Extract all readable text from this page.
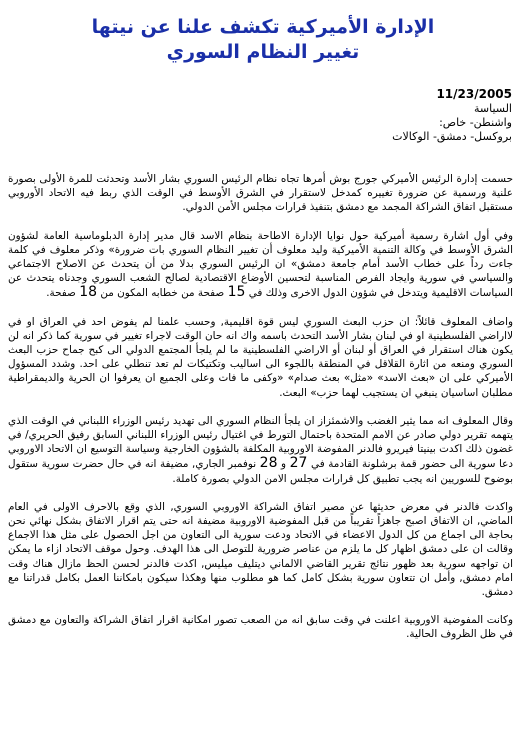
الإدارة الأميركية تكشف علنا عن نيتها
تغيير النظام السوري
11/23/2005
السياسة
واشنطن- خاص:
بروكسل- دمشق- الوكالات

حسمت إدارة الرئيس الأميركي جورج بوش أمرها تجاه نظام الرئيس السوري بشار الأسد وتحدثت للمرة الأولى بصورة علنية ورسمية عن ضرورة تغييره كمدخل لاستقرار في الشرق الأوسط في الوقت الذي ربط فيه الاتحاد الأوروبي مستقبل اتفاق الشراكة المجمد مع دمشق بتنفيذ قرارات مجلس الأمن الدولي.

وفي أول اشارة رسمية أميركية حول نوايا الإدارة الاطاحة بنظام الاسد قال مدير إدارة الدبلوماسية العامة لشؤون الشرق الأوسط في وكالة التنمية الأميركية وليد معلوف أن تغيير النظام السوري بات ضرورة» وذكر معلوف في كلمة جاءت رداً على خطاب الأسد أمام جامعة دمشق» ان الرئيس السوري بدلا من أن يتحدث عن الاصلاح الاجتماعي والسياسي في سورية وايجاد الفرص المناسبة لتحسين الأوضاع الاقتصادية لصالح الشعب السوري وجدناه يتحدث عن السياسات الاقليمية ويتدخل في شؤون الدول الاخرى وذلك في 15 صفحة من خطابه المكون من 18 صفحة.

واضاف المعلوف قائلاً: ان حزب البعث السوري ليس قوة اقليمية, وحسب علمنا لم يفوض احد في العراق او في لااراضي الفلسطينية او في لبنان بشار الأسد التحدث باسمه واك انه حان الوقت لاجراء تغيير في سورية كما ذكر انه لن يكون هناك استقرار في العراق أو لبنان أو الاراضي الفلسطينية ما لم يلجأ المجتمع الدولي الى كبح جماح حزب البعث السوري ومنعه من اثارة القلاقل في المنطقة باللجوء الى اساليب وتكتيكات لم تعد تنطلي على احد. وشدد المسؤول الأميركي على ان «بعث الاسد» «مثل» بعث صدام» «وكفى ما فات وعلى الجميع ان يعرفوا ان الحرية والديمقراطية مطلبان اساسيان ينبغي ان يستجيب لهما حزب» البعث.

وقال المعلوف انه مما يثير الغضب والاشمئزاز ان يلجأ النظام السوري الى تهديد رئيس الوزراء اللبناني في الوقت الذي يتهمه تقرير دولي صادر عن الامم المتحدة باحتمال التورط في اغتيال رئيس الوزراء اللبناني السابق رفيق الحريري/ في غضون ذلك اكدت بينيتا فيريرو فالدنر المفوضة الاوروبية المكلفة بالشؤون الخارجية وسياسة التوسيع ان الاتحاد الاوروبي دعا سورية الى حضور قمة برشلونة القادمة في 27 و 28 نوفمبر الجاري, مضيفة انه في حال حضرت سورية ستقول بوضوح للسوريين انه يجب تطبيق كل قرارات مجلس الامن الدولي بصورة كاملة.

واكدت فالدنر في معرض حديثها عن مصير اتفاق الشراكة الاوروبي السوري, الذي وقع بالاحرف الاولى في العام الماضي, ان الاتفاق اصبح جاهزاً تقريباً من قبل المفوضية الاوروبية مضيفة انه حتى يتم اقرار الاتفاق بشكل نهائي نحن بحاجة الى اجماع من كل الدول الاعضاء في الاتحاد ودعت سورية الى التعاون من اجل الحصول على مثل هذا الاجماع وقالت ان على دمشق اظهار كل ما يلزم من عناصر ضرورية للتوصل الى هذا الهدف. وحول موقف الاتحاد ازاء ما يمكن ان تواجهه سورية بعد ظهور نتائج تقرير القاضي الالماني ديتليف ميليس, اكدت فالدنر لحسن الحظ مازال هناك وقت امام دمشق, وأمل ان تتعاون سورية بشكل كامل كما هو مطلوب منها وهكذا سيكون بامكاننا العمل بكامل قدراتنا مع دمشق.

وكانت المفوضية الاوروبية اعلنت في وقت سابق انه من الصعب تصور امكانية اقرار اتفاق الشراكة والتعاون مع دمشق في ظل الظروف الحالية.
